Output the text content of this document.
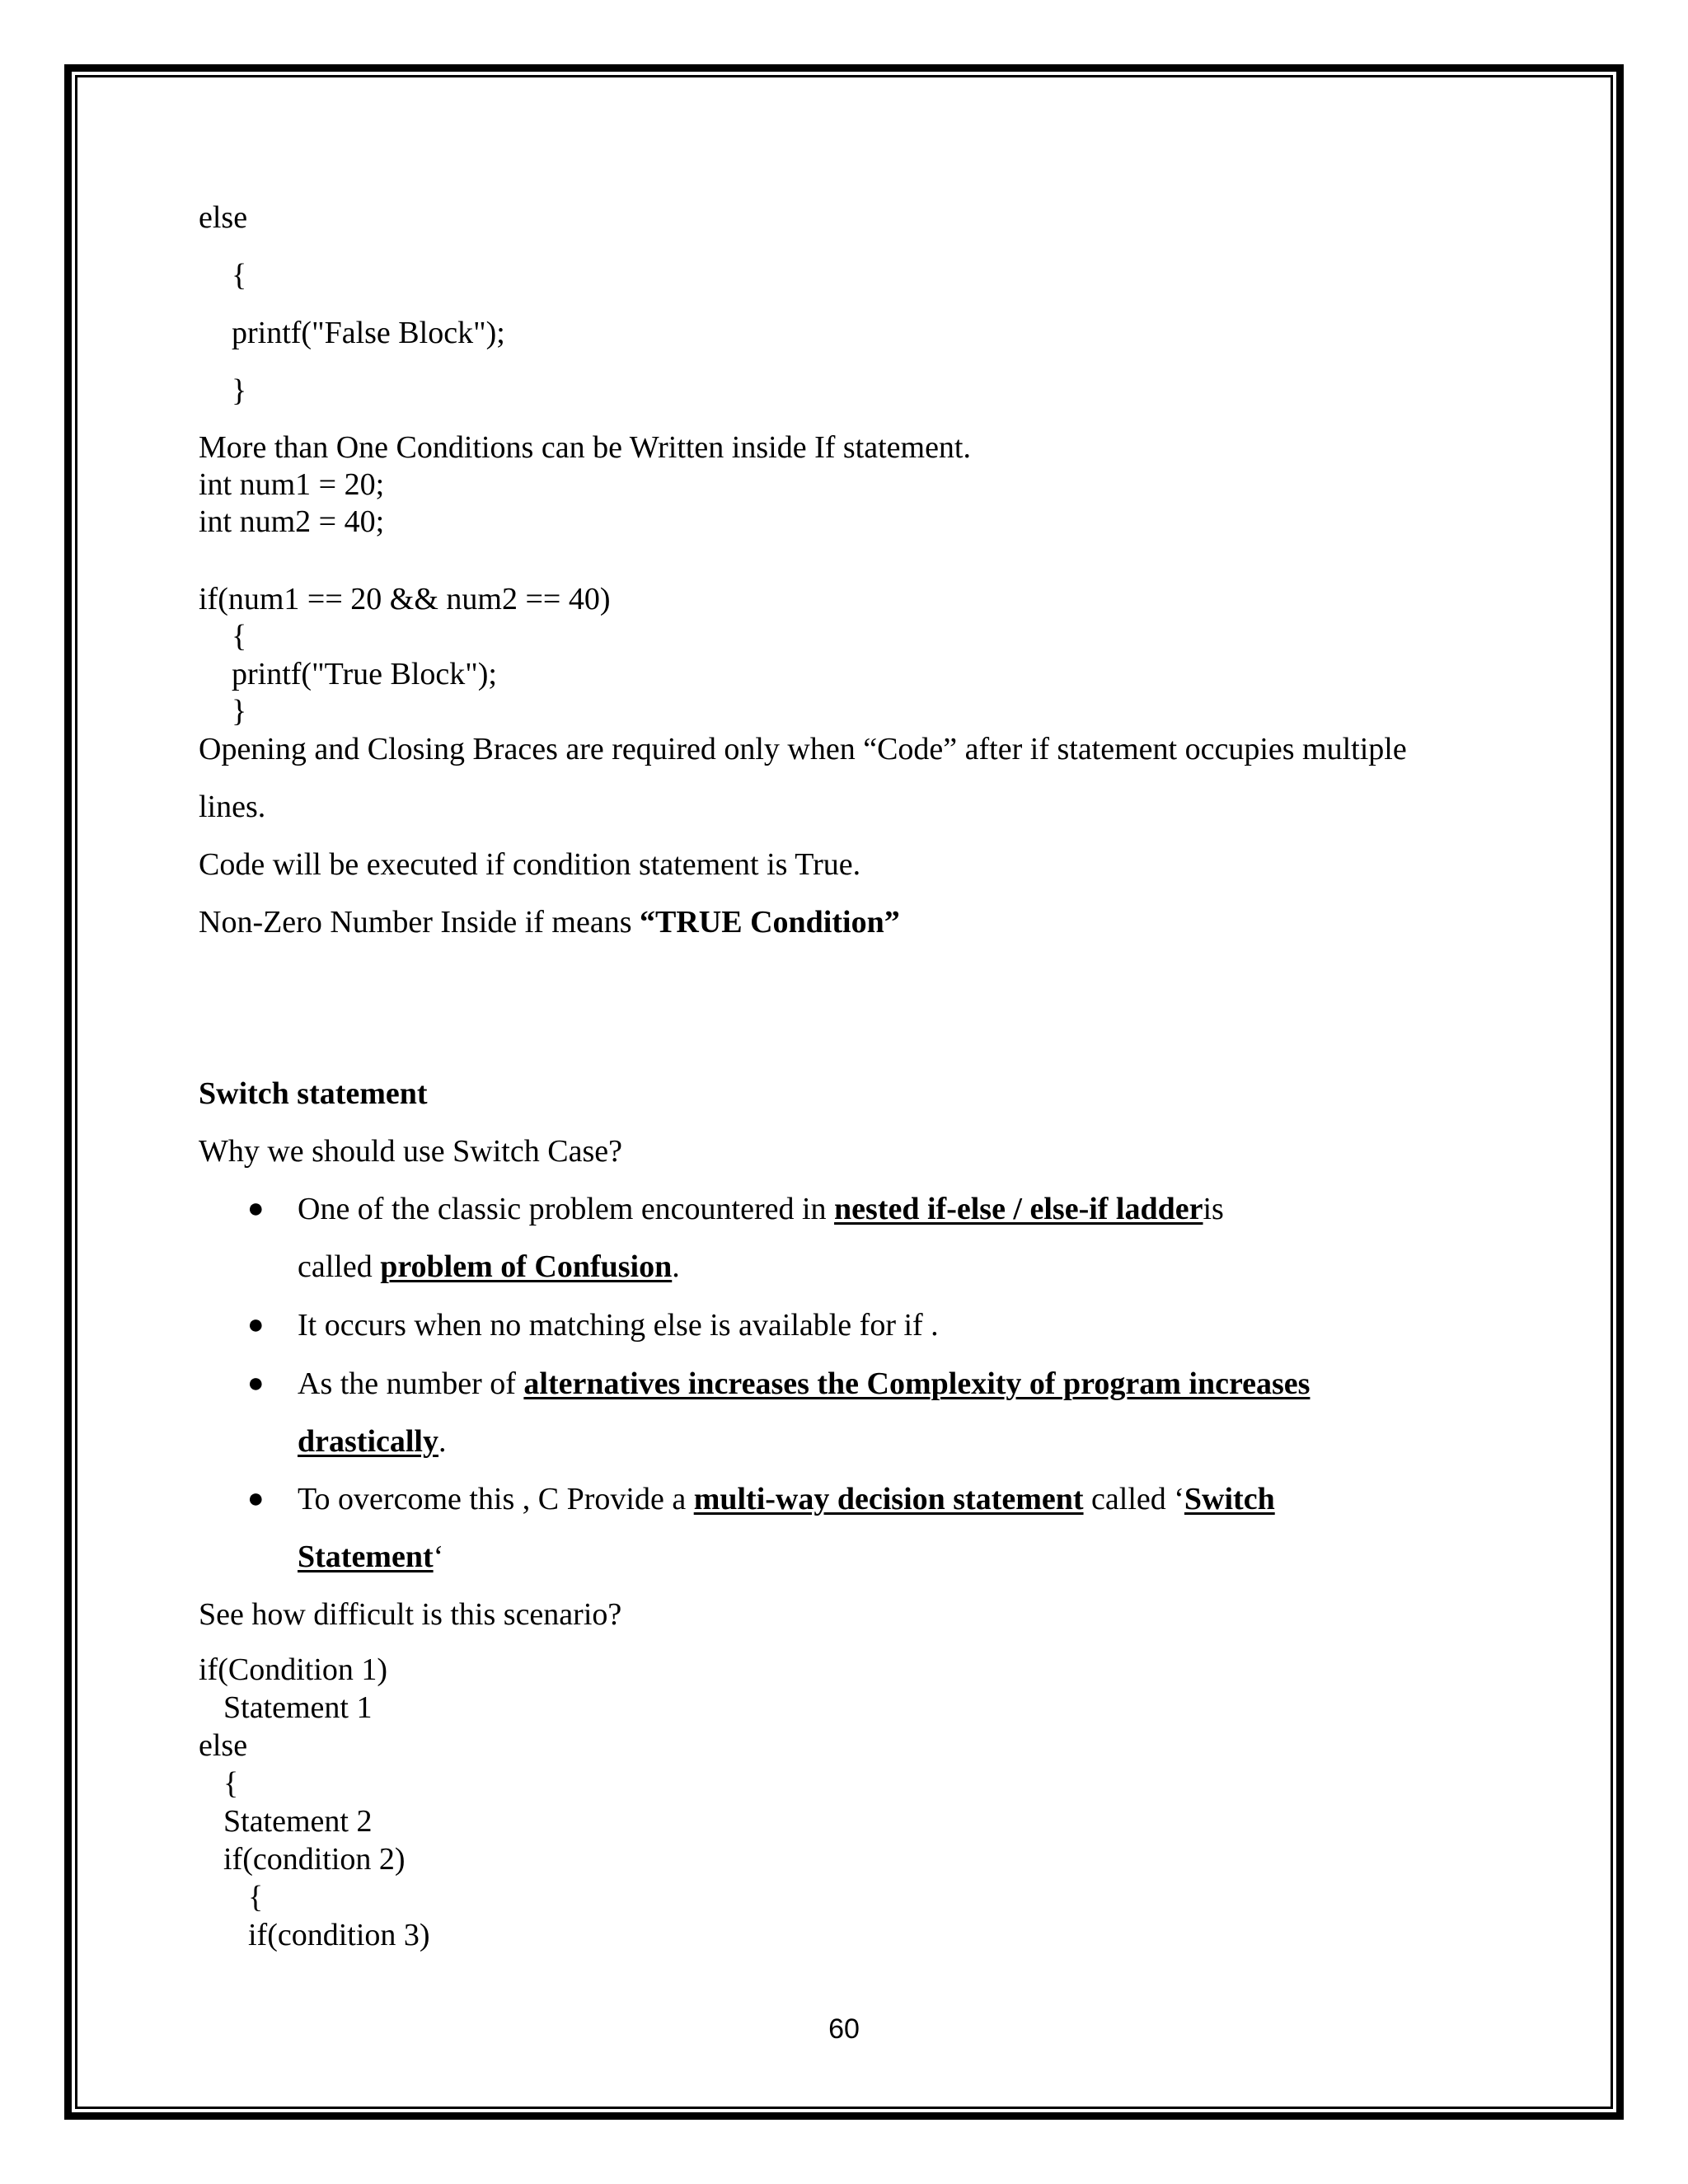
else
{
printf("False Block");
}
More than One Conditions can be Written inside If statement.
int num1 = 20;
int num2 = 40;
if(num1 == 20 && num2 == 40)
{
printf("True Block");
}
Opening and Closing Braces are required only when “Code” after if statement occupies multiple
lines.
Code will be executed if condition statement is True.
Non-Zero Number Inside if means “TRUE Condition”
Switch statement
Why we should use Switch Case?
● One of the classic problem encountered in nested if-else / else-if ladderis
called problem of Confusion.
● It occurs when no matching else is available for if .
● As the number of alternatives increases the Complexity of program increases
drastically.
● To overcome this , C Provide a multi-way decision statement called ‘Switch
Statement‘
See how difficult is this scenario?
if(Condition 1)
Statement 1
else
{
Statement 2
if(condition 2)
{
if(condition 3)
60
